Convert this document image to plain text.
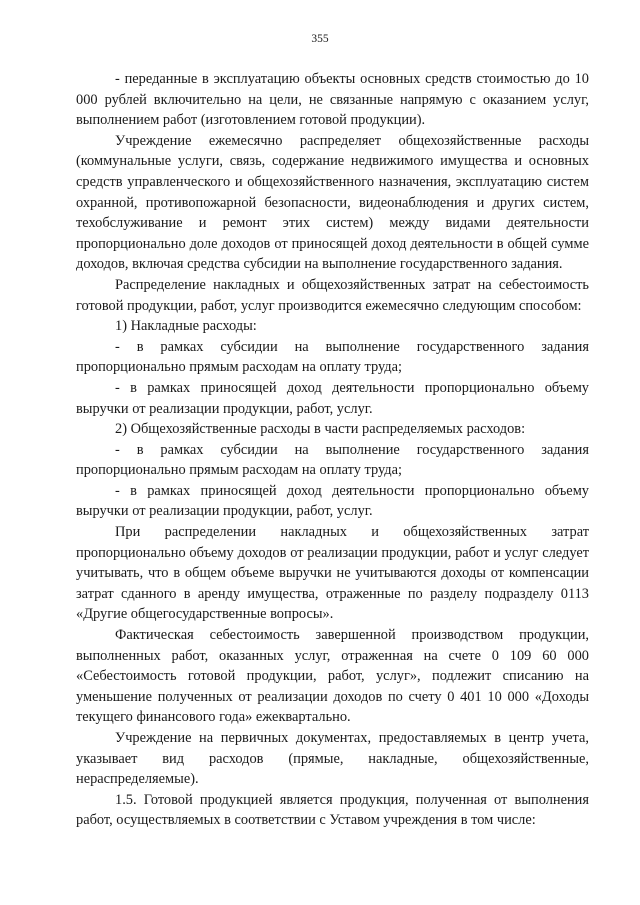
355

- переданные в эксплуатацию объекты основных средств стоимостью до 10 000 рублей включительно на цели, не связанные напрямую с оказанием услуг, выполнением работ (изготовлением готовой продукции).

Учреждение ежемесячно распределяет общехозяйственные расходы (коммунальные услуги, связь, содержание недвижимого имущества и основных средств управленческого и общехозяйственного назначения, эксплуатацию систем охранной, противопожарной безопасности, видеонаблюдения и других систем, техобслуживание и ремонт этих систем) между видами деятельности пропорционально доле доходов от приносящей доход деятельности в общей сумме доходов, включая средства субсидии на выполнение государственного задания.

Распределение накладных и общехозяйственных затрат на себестоимость готовой продукции, работ, услуг производится ежемесячно следующим способом:

1) Накладные расходы:

- в рамках субсидии на выполнение государственного задания пропорционально прямым расходам на оплату труда;

- в рамках приносящей доход деятельности пропорционально объему выручки от реализации продукции, работ, услуг.

2) Общехозяйственные расходы в части распределяемых расходов:

- в рамках субсидии на выполнение государственного задания пропорционально прямым расходам на оплату труда;

- в рамках приносящей доход деятельности пропорционально объему выручки от реализации продукции, работ, услуг.

При распределении накладных и общехозяйственных затрат пропорционально объему доходов от реализации продукции, работ и услуг следует учитывать, что в общем объеме выручки не учитываются доходы от компенсации затрат сданного в аренду имущества, отраженные по разделу подразделу 0113 «Другие общегосударственные вопросы».

Фактическая себестоимость завершенной производством продукции, выполненных работ, оказанных услуг, отраженная на счете 0 109 60 000 «Себестоимость готовой продукции, работ, услуг», подлежит списанию на уменьшение полученных от реализации доходов по счету 0 401 10 000 «Доходы текущего финансового года» ежеквартально.

Учреждение на первичных документах, предоставляемых в центр учета, указывает вид расходов (прямые, накладные, общехозяйственные, нераспределяемые).

1.5. Готовой продукцией является продукция, полученная от выполнения работ, осуществляемых в соответствии с Уставом учреждения в том числе:
